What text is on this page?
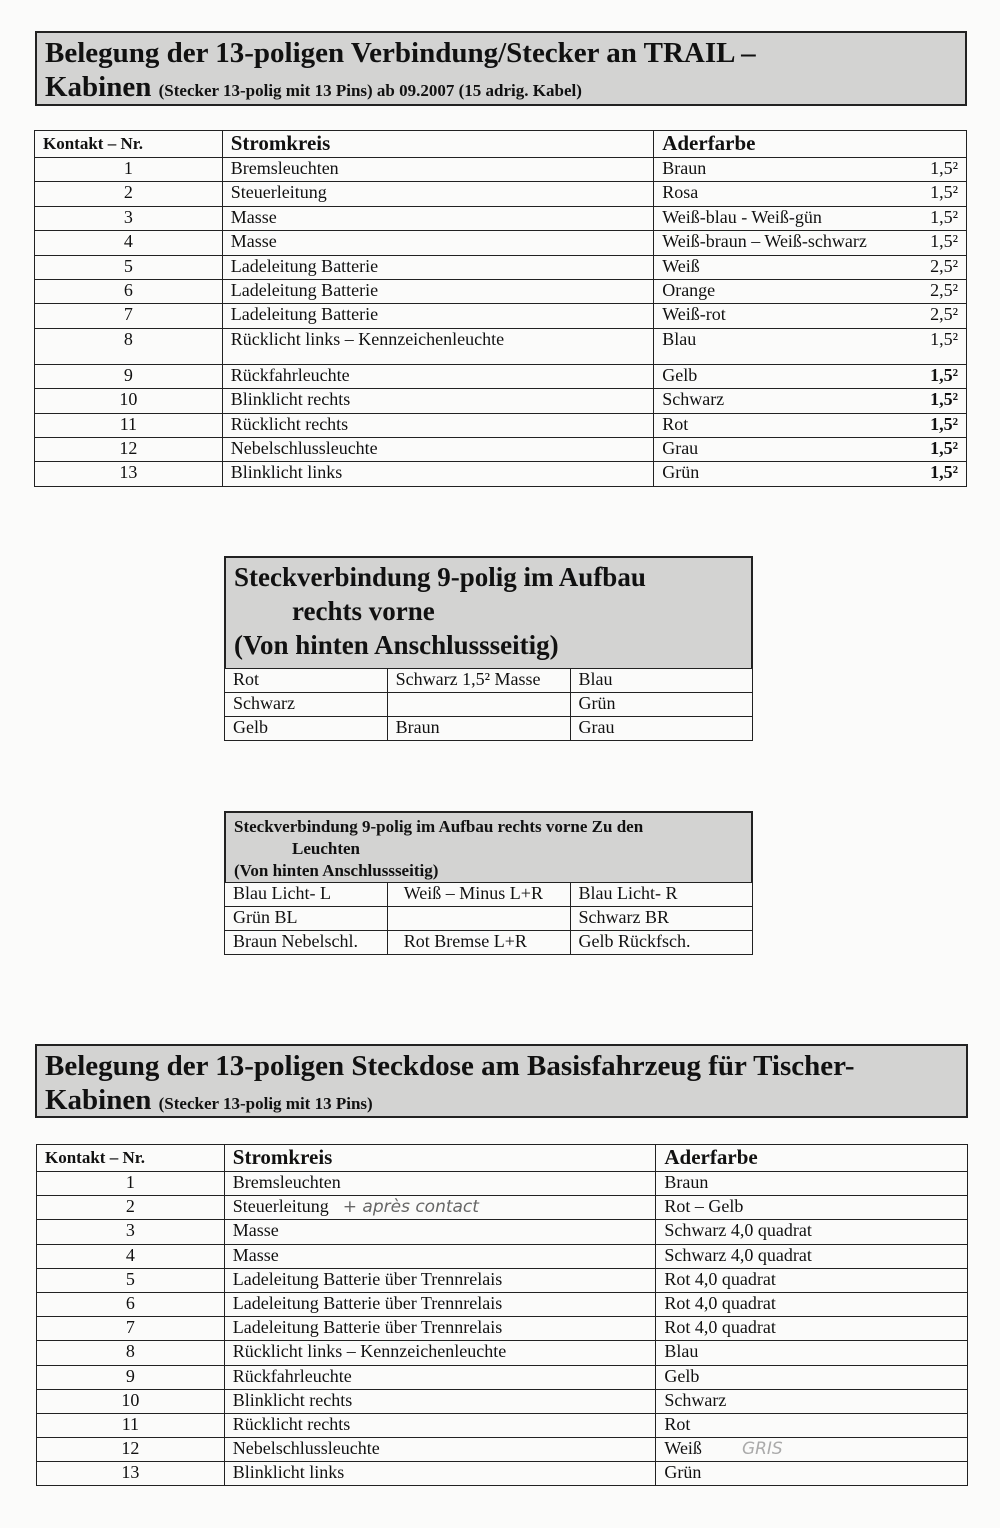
Belegung der 13-poligen Verbindung/Stecker an TRAIL –
Kabinen (Stecker 13-polig mit 13 Pins) ab 09.2007 (15 adrig. Kabel)
Kontakt – Nr.	Stromkreis	Aderfarbe
1	Bremsleuchten	Braun 1,5²

2	Steuerleitung	Rosa 1,5²

3	Masse	Weiß-blau - Weiß-gün 1,5²

4	Masse	Weiß-braun – Weiß-schwarz 1,5²

5	Ladeleitung Batterie	Weiß 2,5²

6	Ladeleitung Batterie	Orange 2,5²

7	Ladeleitung Batterie	Weiß-rot 2,5²

8	Rücklicht links – Kennzeichenleuchte	Blau 1,5²

9	Rückfahrleuchte	Gelb 1,5²

10	Blinklicht rechts	Schwarz 1,5²

11	Rücklicht rechts	Rot 1,5²

12	Nebelschlussleuchte	Grau 1,5²

13	Blinklicht links	Grün 1,5²
Steckverbindung 9-polig im Aufbau
rechts vorne
(Von hinten Anschlussseitig)
Rot	Schwarz 1,5² Masse	Blau
Schwarz		Grün
Gelb	Braun	Grau
Steckverbindung 9-polig im Aufbau rechts vorne Zu den
Leuchten
(Von hinten Anschlussseitig)
Blau Licht- L	Weiß – Minus L+R	Blau Licht- R
Grün BL		Schwarz BR
Braun Nebelschl.	Rot Bremse L+R	Gelb Rückfsch.
Belegung der 13-poligen Steckdose am Basisfahrzeug für Tischer-
Kabinen (Stecker 13-polig mit 13 Pins)
Kontakt – Nr.	Stromkreis	Aderfarbe
1	Bremsleuchten	Braun
2	Steuerleitung + après contact	Rot – Gelb
3	Masse	Schwarz 4,0 quadrat
4	Masse	Schwarz 4,0 quadrat
5	Ladeleitung Batterie über Trennrelais	Rot 4,0 quadrat
6	Ladeleitung Batterie über Trennrelais	Rot 4,0 quadrat
7	Ladeleitung Batterie über Trennrelais	Rot 4,0 quadrat
8	Rücklicht links – Kennzeichenleuchte	Blau
9	Rückfahrleuchte	Gelb
10	Blinklicht rechts	Schwarz
11	Rücklicht rechts	Rot
12	Nebelschlussleuchte	Weiß GRIS
13	Blinklicht links	Grün
